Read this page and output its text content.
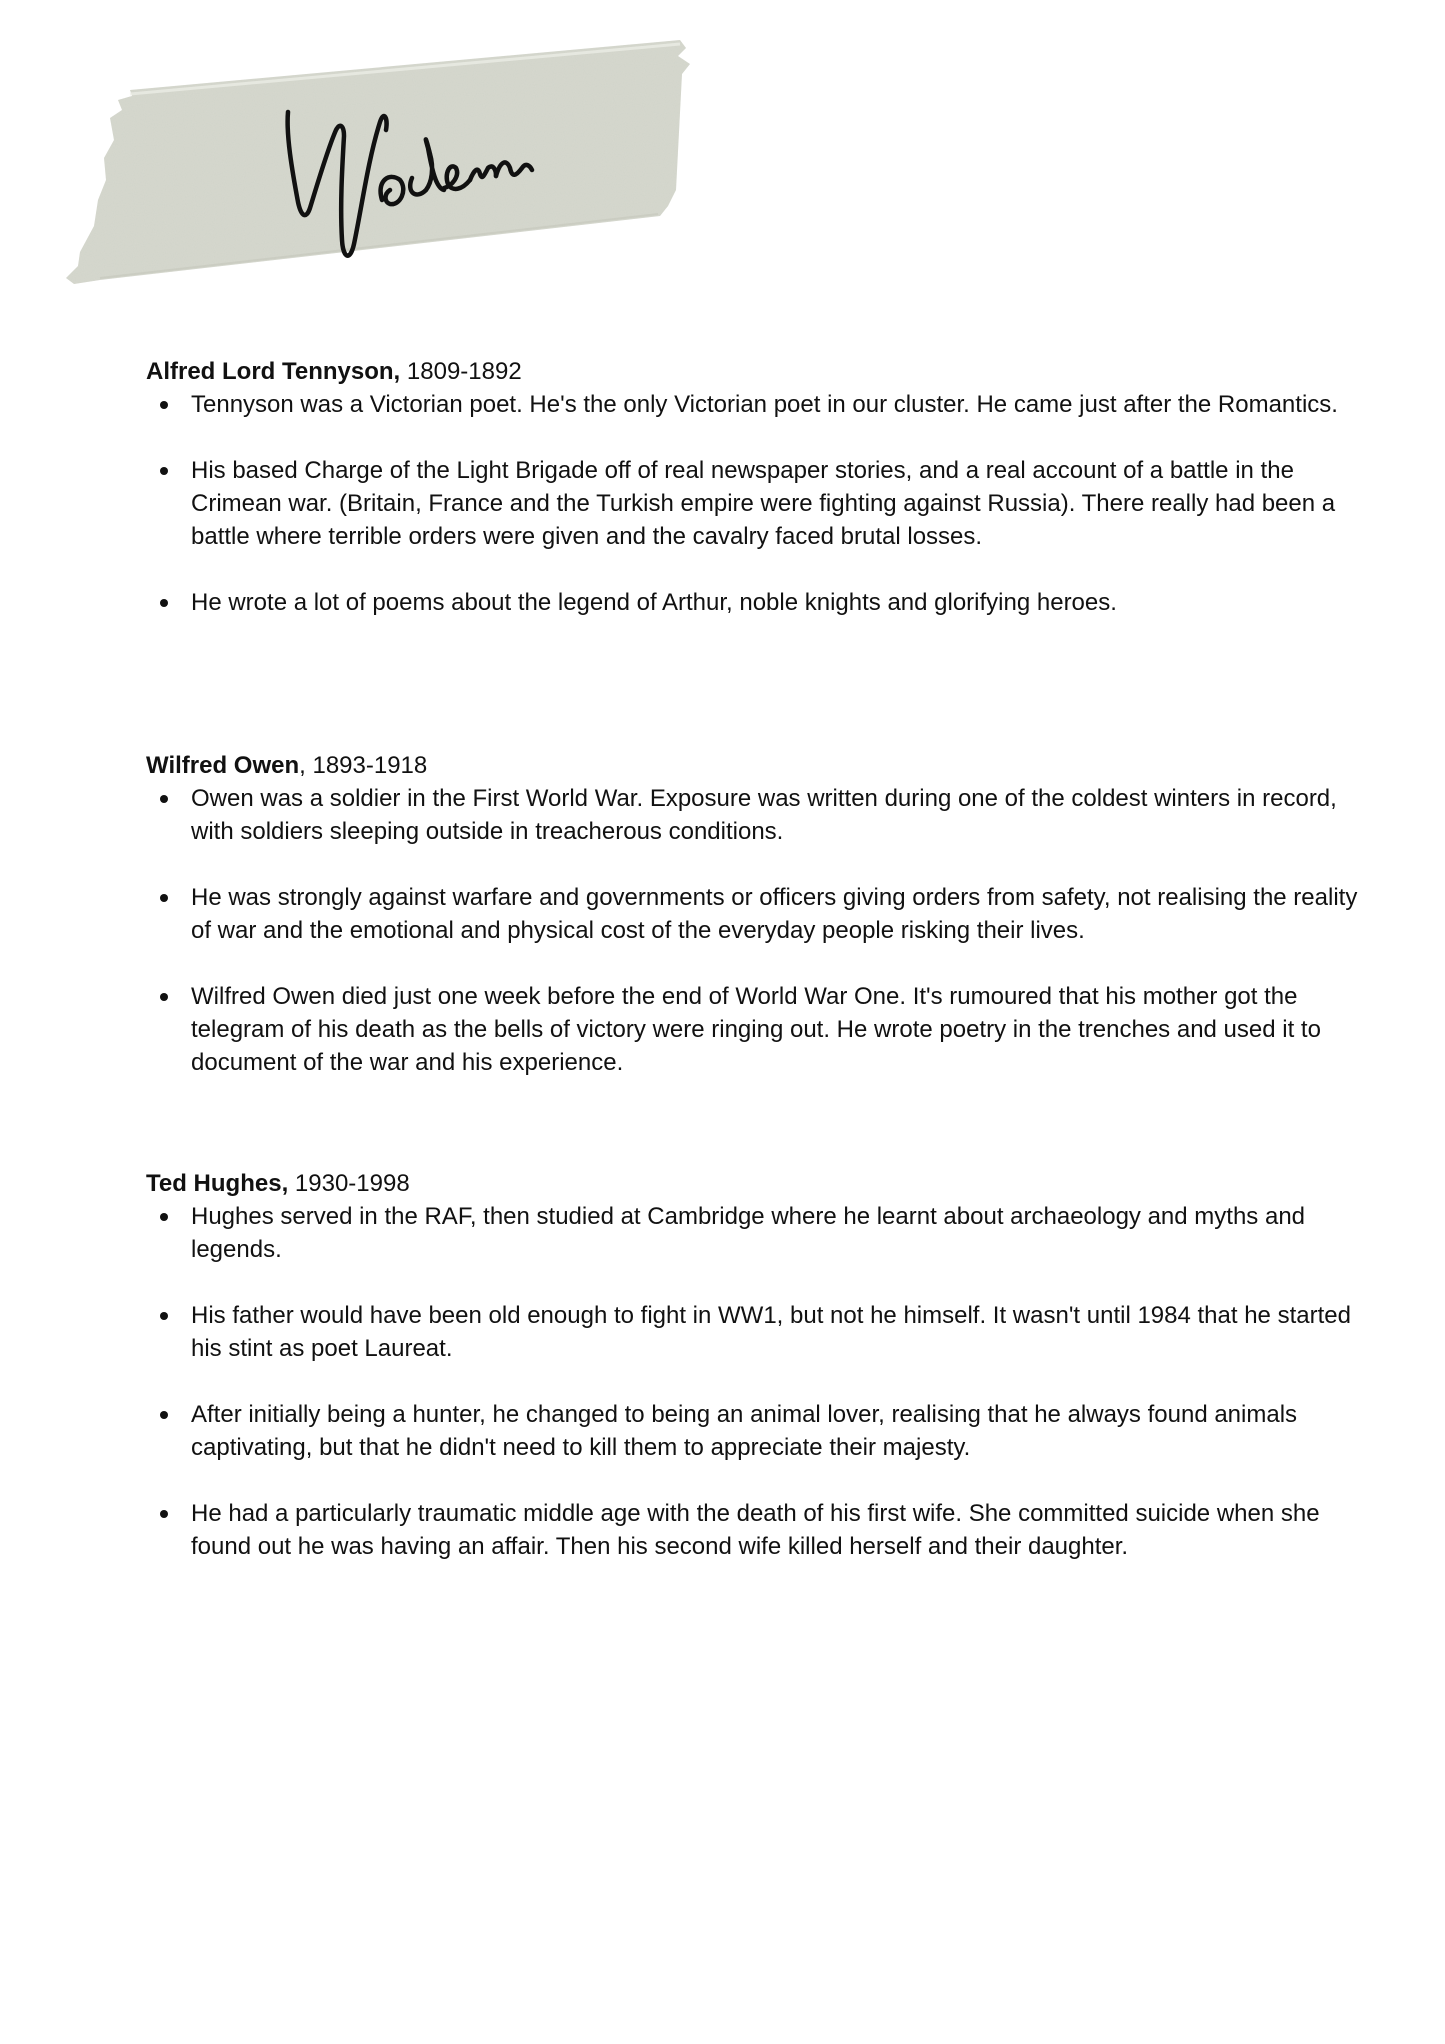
Alfred Lord Tennyson, 1809-1892

Tennyson was a Victorian poet. He's the only Victorian poet in our cluster. He came just after the Romantics.
His based Charge of the Light Brigade off of real newspaper stories, and a real account of a battle in the Crimean war. (Britain, France and the Turkish empire were fighting against Russia). There really had been a battle where terrible orders were given and the cavalry faced brutal losses.
He wrote a lot of poems about the legend of Arthur, noble knights and glorifying heroes.

Wilfred Owen, 1893-1918

Owen was a soldier in the First World War. Exposure was written during one of the coldest winters in record, with soldiers sleeping outside in treacherous conditions.
He was strongly against warfare and governments or officers giving orders from safety, not realising the reality of war and the emotional and physical cost of the everyday people risking their lives.
Wilfred Owen died just one week before the end of World War One. It's rumoured that his mother got the telegram of his death as the bells of victory were ringing out. He wrote poetry in the trenches and used it to document of the war and his experience.

Ted Hughes, 1930-1998

Hughes served in the RAF, then studied at Cambridge where he learnt about archaeology and myths and legends.
His father would have been old enough to fight in WW1, but not he himself. It wasn't until 1984 that he started his stint as poet Laureat.
After initially being a hunter, he changed to being an animal lover, realising that he always found animals captivating, but that he didn't need to kill them to appreciate their majesty.
He had a particularly traumatic middle age with the death of his first wife. She committed suicide when she found out he was having an affair. Then his second wife killed herself and their daughter.
